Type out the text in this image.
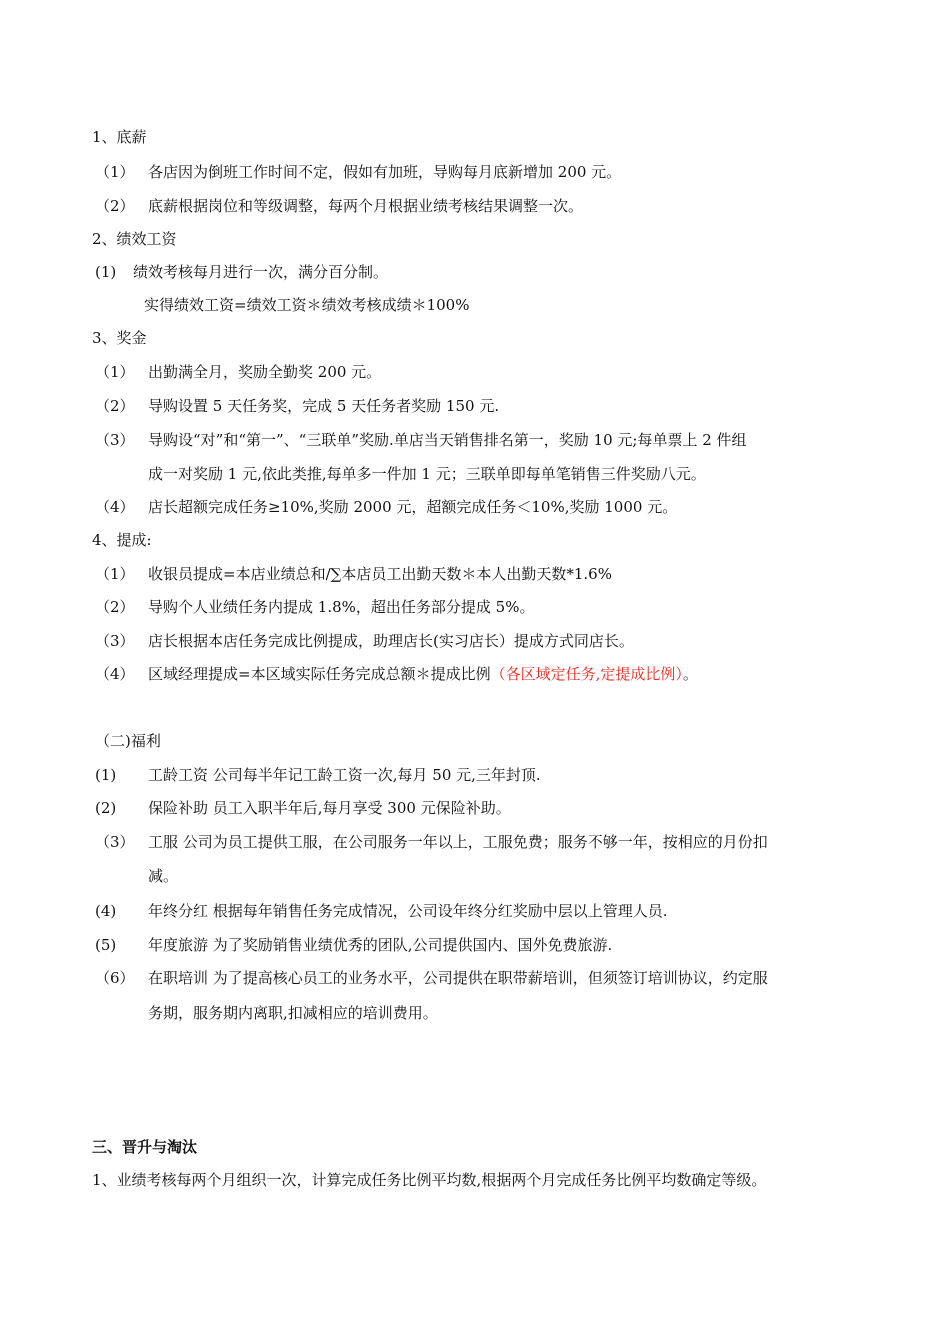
1、底薪
（1） 各店因为倒班工作时间不定，假如有加班，导购每月底新增加 200 元。
（2） 底薪根据岗位和等级调整，每两个月根据业绩考核结果调整一次。
2、绩效工资
(1) 绩效考核每月进行一次，满分百分制。
实得绩效工资=绩效工资＊绩效考核成绩＊100%
3、奖金
（1） 出勤满全月，奖励全勤奖 200 元。
（2） 导购设置 5 天任务奖，完成 5 天任务者奖励 150 元.
（3） 导购设“对”和“第一”、“三联单”奖励.单店当天销售排名第一，奖励 10 元;每单票上 2 件组
成一对奖励 1 元,依此类推,每单多一件加 1 元；三联单即每单笔销售三件奖励八元。
（4） 店长超额完成任务≥10%,奖励 2000 元，超额完成任务＜10%,奖励 1000 元。
4、提成:
（1） 收银员提成=本店业绩总和/∑本店员工出勤天数＊本人出勤天数*1.6%
（2） 导购个人业绩任务内提成 1.8%，超出任务部分提成 5%。
（3） 店长根据本店任务完成比例提成，助理店长(实习店长）提成方式同店长。
（4） 区域经理提成=本区域实际任务完成总额＊提成比例（各区域定任务,定提成比例）。
（二)福利
(1) 工龄工资 公司每半年记工龄工资一次,每月 50 元,三年封顶.
(2) 保险补助 员工入职半年后,每月享受 300 元保险补助。
（3） 工服 公司为员工提供工服，在公司服务一年以上，工服免费；服务不够一年，按相应的月份扣
减。
(4) 年终分红 根据每年销售任务完成情况，公司设年终分红奖励中层以上管理人员.
(5) 年度旅游 为了奖励销售业绩优秀的团队,公司提供国内、国外免费旅游.
（6） 在职培训 为了提高核心员工的业务水平，公司提供在职带薪培训，但须签订培训协议，约定服
务期，服务期内离职,扣减相应的培训费用。
三、晋升与淘汰
1、业绩考核每两个月组织一次，计算完成任务比例平均数,根据两个月完成任务比例平均数确定等级。
